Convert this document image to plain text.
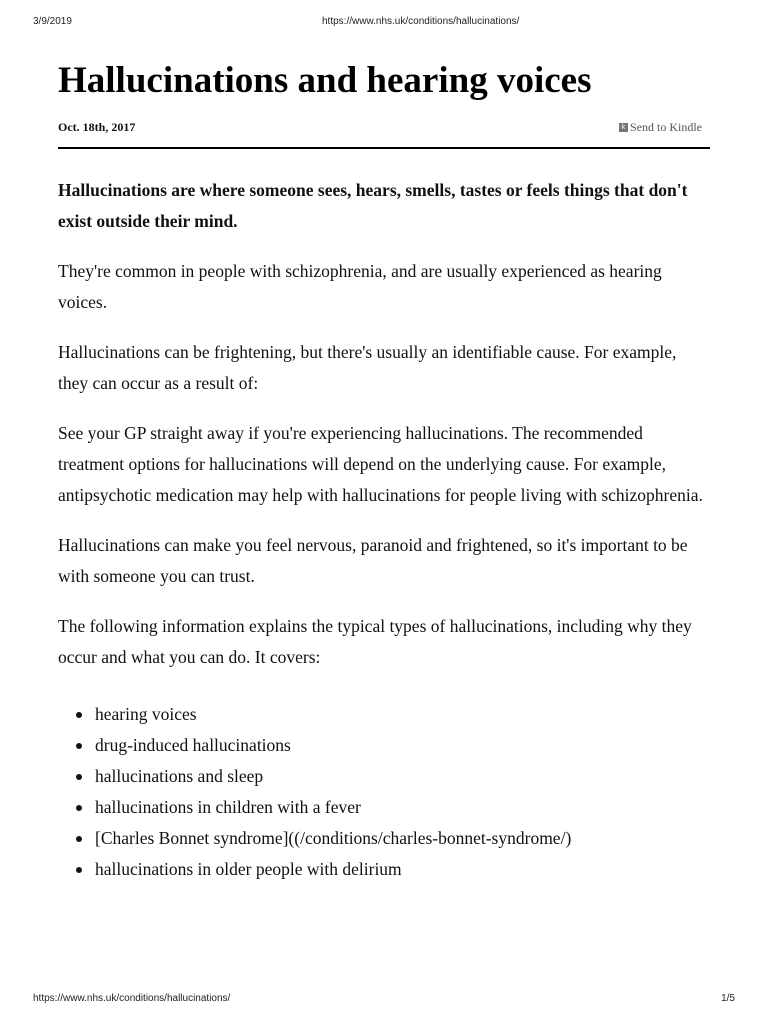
3/9/2019	https://www.nhs.uk/conditions/hallucinations/
Hallucinations and hearing voices
Oct. 18th, 2017	k Send to Kindle

Hallucinations are where someone sees, hears, smells, tastes or feels things that don't exist outside their mind.

They're common in people with schizophrenia, and are usually experienced as hearing voices.

Hallucinations can be frightening, but there's usually an identifiable cause. For example, they can occur as a result of:

See your GP straight away if you're experiencing hallucinations. The recommended treatment options for hallucinations will depend on the underlying cause. For example, antipsychotic medication may help with hallucinations for people living with schizophrenia.

Hallucinations can make you feel nervous, paranoid and frightened, so it's important to be with someone you can trust.

The following information explains the typical types of hallucinations, including why they occur and what you can do. It covers:

hearing voices
drug-induced hallucinations
hallucinations and sleep
hallucinations in children with a fever
[Charles Bonnet syndrome]((/conditions/charles-bonnet-syndrome/)
hallucinations in older people with delirium
https://www.nhs.uk/conditions/hallucinations/	1/5
